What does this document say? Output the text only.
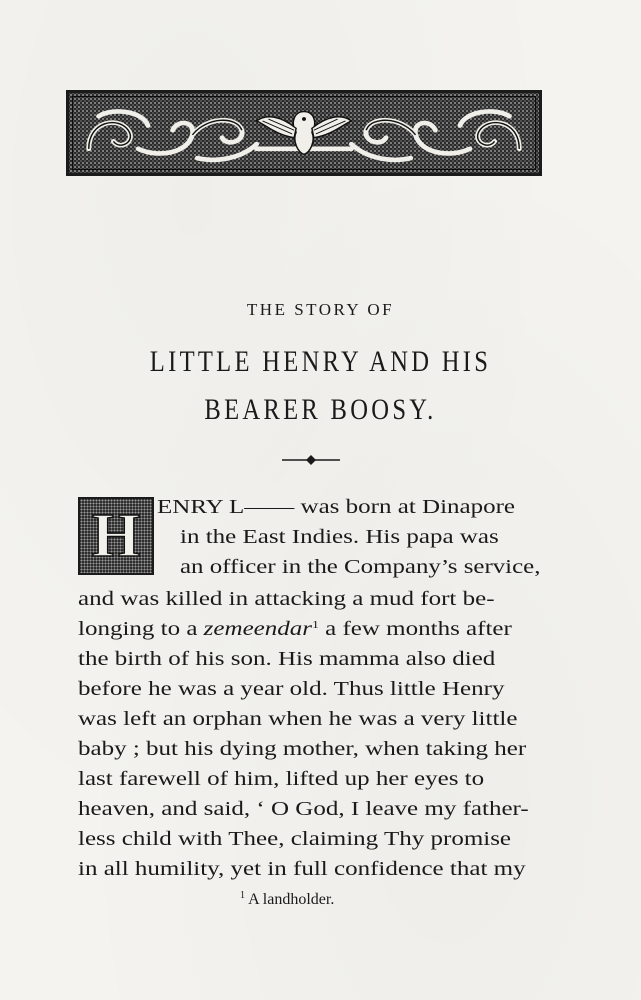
THE STORY OF
LITTLE HENRY AND HIS
BEARER BOOSY.
H ENRY L—— was born at Dinapore
in the East Indies. His papa was
an officer in the Company’s service,
and was killed in attacking a mud fort be-
longing to a zemeendar$^1$ a few months after
the birth of his son. His mamma also died
before he was a year old. Thus little Henry
was left an orphan when he was a very little
baby ; but his dying mother, when taking her
last farewell of him, lifted up her eyes to
heaven, and said, ‘ O God, I leave my father-
less child with Thee, claiming Thy promise
in all humility, yet in full confidence that my
$^1$ A landholder.
